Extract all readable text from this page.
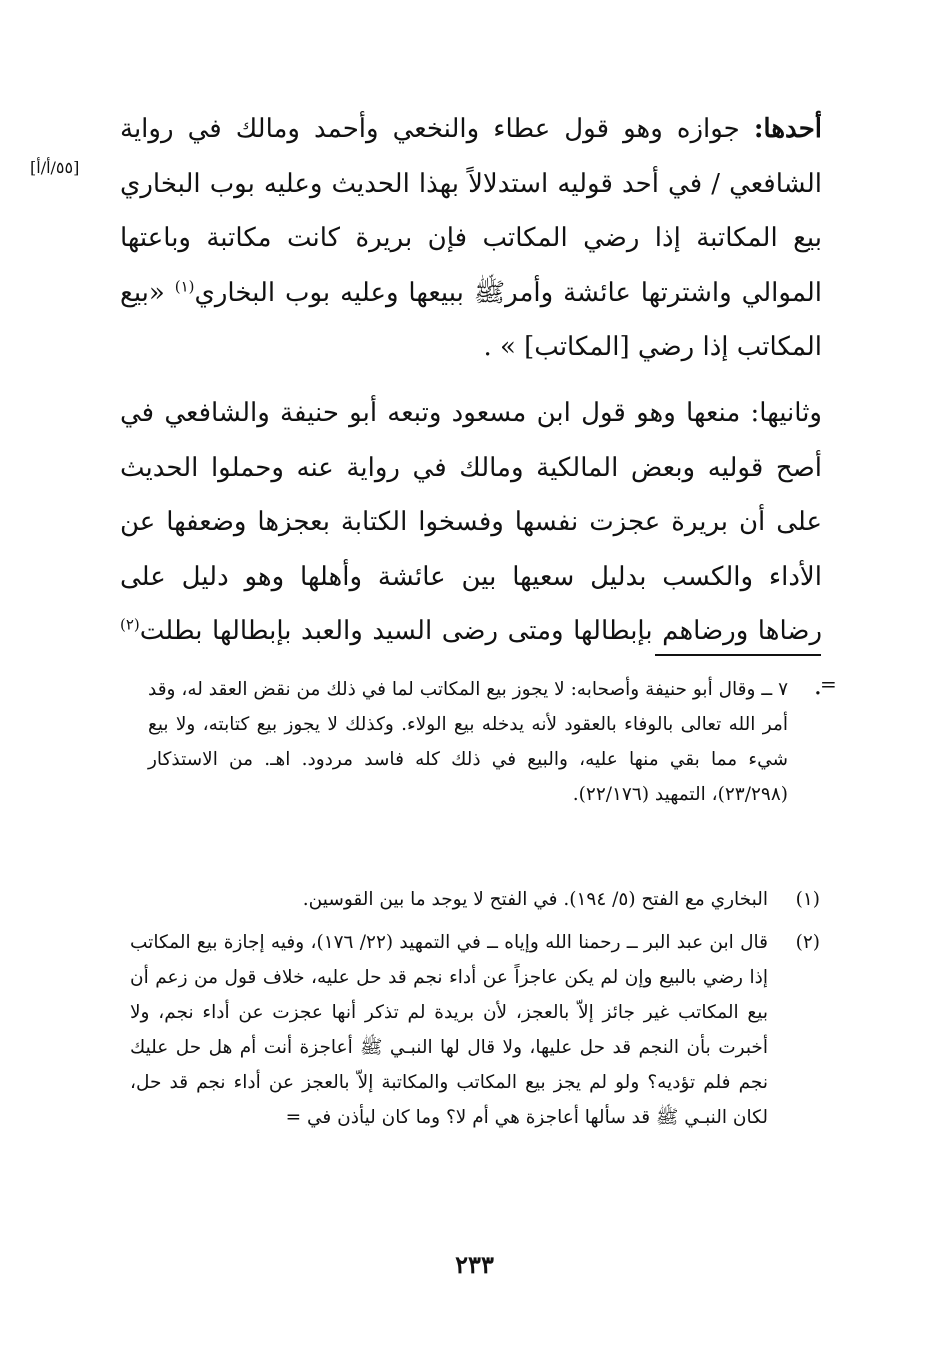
أحدها: جوازه وهو قول عطاء والنخعي وأحمد ومالك في رواية الشافعي / في أحد قوليه استدلالاً بهذا الحديث وعليه بوب البخاري بيع المكاتبة إذا رضي المكاتب فإن بريرة كانت مكاتبة وباعتها الموالي واشترتها عائشة وأمرﷺ ببيعها وعليه بوب البخاري$^{(١)}$ «بيع المكاتب إذا رضي [المكاتب] » .
[٥٥/أ/أ]
وثانيها: منعها وهو قول ابن مسعود وتبعه أبو حنيفة والشافعي في أصح قوليه وبعض المالكية ومالك في رواية عنه وحملوا الحديث على أن بريرة عجزت نفسها وفسخوا الكتابة بعجزها وضعفها عن الأداء والكسب بدليل سعيها بين عائشة وأهلها وهو دليل على رضاها ورضاهم بإبطالها ومتى رضى السيد والعبد بإبطالها بطلت$^{(٢)}$ .
=
٧ ــ وقال أبو حنيفة وأصحابه: لا يجوز بيع المكاتب لما في ذلك من نقض العقد له، وقد أمر الله تعالى بالوفاء بالعقود لأنه يدخله بيع الولاء. وكذلك لا يجوز بيع كتابته، ولا بيع شيء مما بقي منها عليه، والبيع في ذلك كله فاسد مردود. اهـ. من الاستذكار (٢٣/٢٩٨)، التمهيد (٢٢/١٧٦).
(١)
البخاري مع الفتح (٥/ ١٩٤). في الفتح لا يوجد ما بين القوسين.
(٢)
قال ابن عبد البر ــ رحمنا الله وإياه ــ في التمهيد (٢٢/ ١٧٦)، وفيه إجازة بيع المكاتب إذا رضي بالبيع وإن لم يكن عاجزاً عن أداء نجم قد حل عليه، خلاف قول من زعم أن بيع المكاتب غير جائز إلاّ بالعجز، لأن بريدة لم تذكر أنها عجزت عن أداء نجم، ولا أخبرت بأن النجم قد حل عليها، ولا قال لها النبـي ﷺ أعاجزة أنت أم هل حل عليك نجم فلم تؤديه؟ ولو لم يجز بيع المكاتب والمكاتبة إلاّ بالعجز عن أداء نجم قد حل، لكان النبـي ﷺ قد سألها أعاجزة هي أم لا؟ وما كان ليأذن في =
٢٣٣
